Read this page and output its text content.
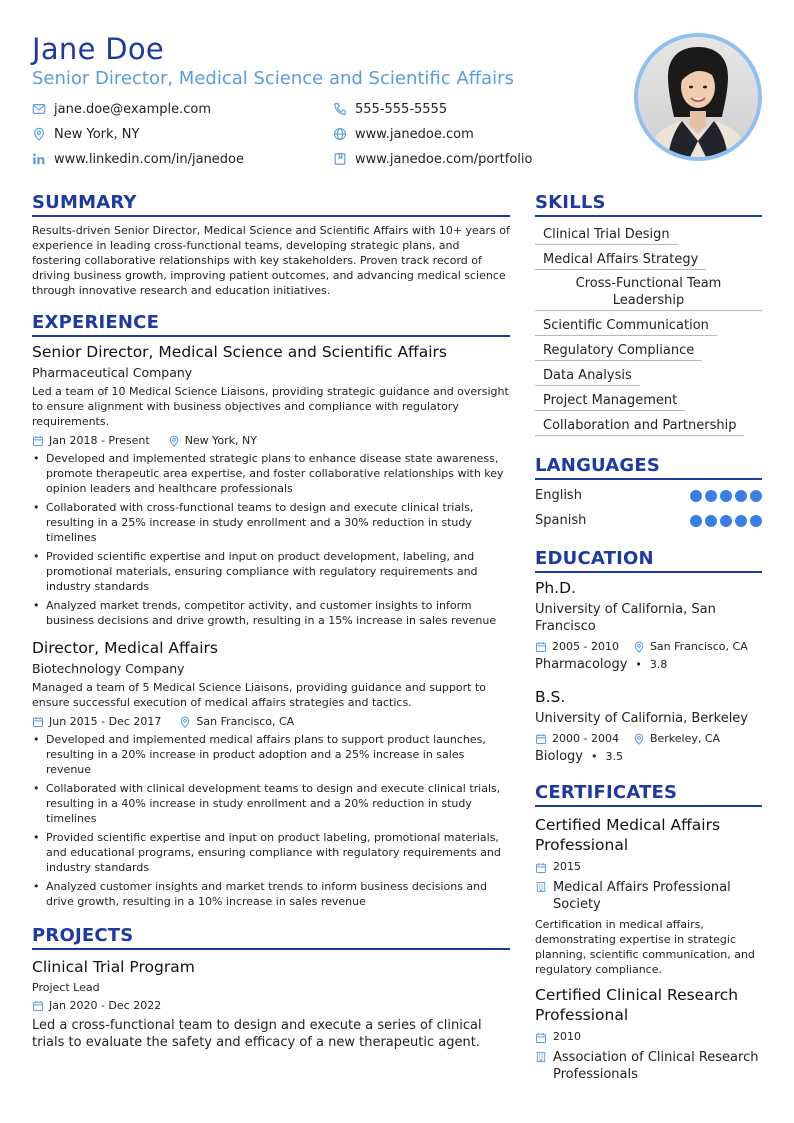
Jane Doe
Senior Director, Medical Science and Scientific Affairs
jane.doe@example.com	555-555-5555
New York, NY	www.janedoe.com
www.linkedin.com/in/janedoe	www.janedoe.com/portfolio
SUMMARY

Results-driven Senior Director, Medical Science and Scientific Affairs with 10+ years of experience in leading cross-functional teams, developing strategic plans, and fostering collaborative relationships with key stakeholders. Proven track record of driving business growth, improving patient outcomes, and advancing medical science through innovative research and education initiatives.

EXPERIENCE
Senior Director, Medical Science and Scientific Affairs
Pharmaceutical Company

Led a team of 10 Medical Science Liaisons, providing strategic guidance and oversight to ensure alignment with business objectives and compliance with regulatory requirements.

Jan 2018 - Present	New York, NY
• Developed and implemented strategic plans to enhance disease state awareness, promote therapeutic area expertise, and foster collaborative relationships with key opinion leaders and healthcare professionals
• Collaborated with cross-functional teams to design and execute clinical trials, resulting in a 25% increase in study enrollment and a 30% reduction in study timelines
• Provided scientific expertise and input on product development, labeling, and promotional materials, ensuring compliance with regulatory requirements and industry standards
• Analyzed market trends, competitor activity, and customer insights to inform business decisions and drive growth, resulting in a 15% increase in sales revenue
Director, Medical Affairs
Biotechnology Company

Managed a team of 5 Medical Science Liaisons, providing guidance and support to ensure successful execution of medical affairs strategies and tactics.

Jun 2015 - Dec 2017	San Francisco, CA
• Developed and implemented medical affairs plans to support product launches, resulting in a 20% increase in product adoption and a 25% increase in sales revenue
• Collaborated with clinical development teams to design and execute clinical trials, resulting in a 40% increase in study enrollment and a 20% reduction in study timelines
• Provided scientific expertise and input on product labeling, promotional materials, and educational programs, ensuring compliance with regulatory requirements and industry standards
• Analyzed customer insights and market trends to inform business decisions and drive growth, resulting in a 10% increase in sales revenue
PROJECTS
Clinical Trial Program
Project Lead
Jan 2020 - Dec 2022

Led a cross-functional team to design and execute a series of clinical trials to evaluate the safety and efficacy of a new therapeutic agent.

SKILLS
Clinical Trial Design
Medical Affairs Strategy
Cross-Functional Team Leadership
Scientific Communication
Regulatory Compliance
Data Analysis
Project Management
Collaboration and Partnership
LANGUAGES
English
Spanish
EDUCATION
Ph.D.
University of California, San Francisco
2005 - 2010	San Francisco, CA
Pharmacology • 3.8
B.S.
University of California, Berkeley
2000 - 2004	Berkeley, CA
Biology • 3.5
CERTIFICATES
Certified Medical Affairs Professional
2015
Medical Affairs Professional Society

Certification in medical affairs, demonstrating expertise in strategic planning, scientific communication, and regulatory compliance.

Certified Clinical Research Professional
2010
Association of Clinical Research Professionals
